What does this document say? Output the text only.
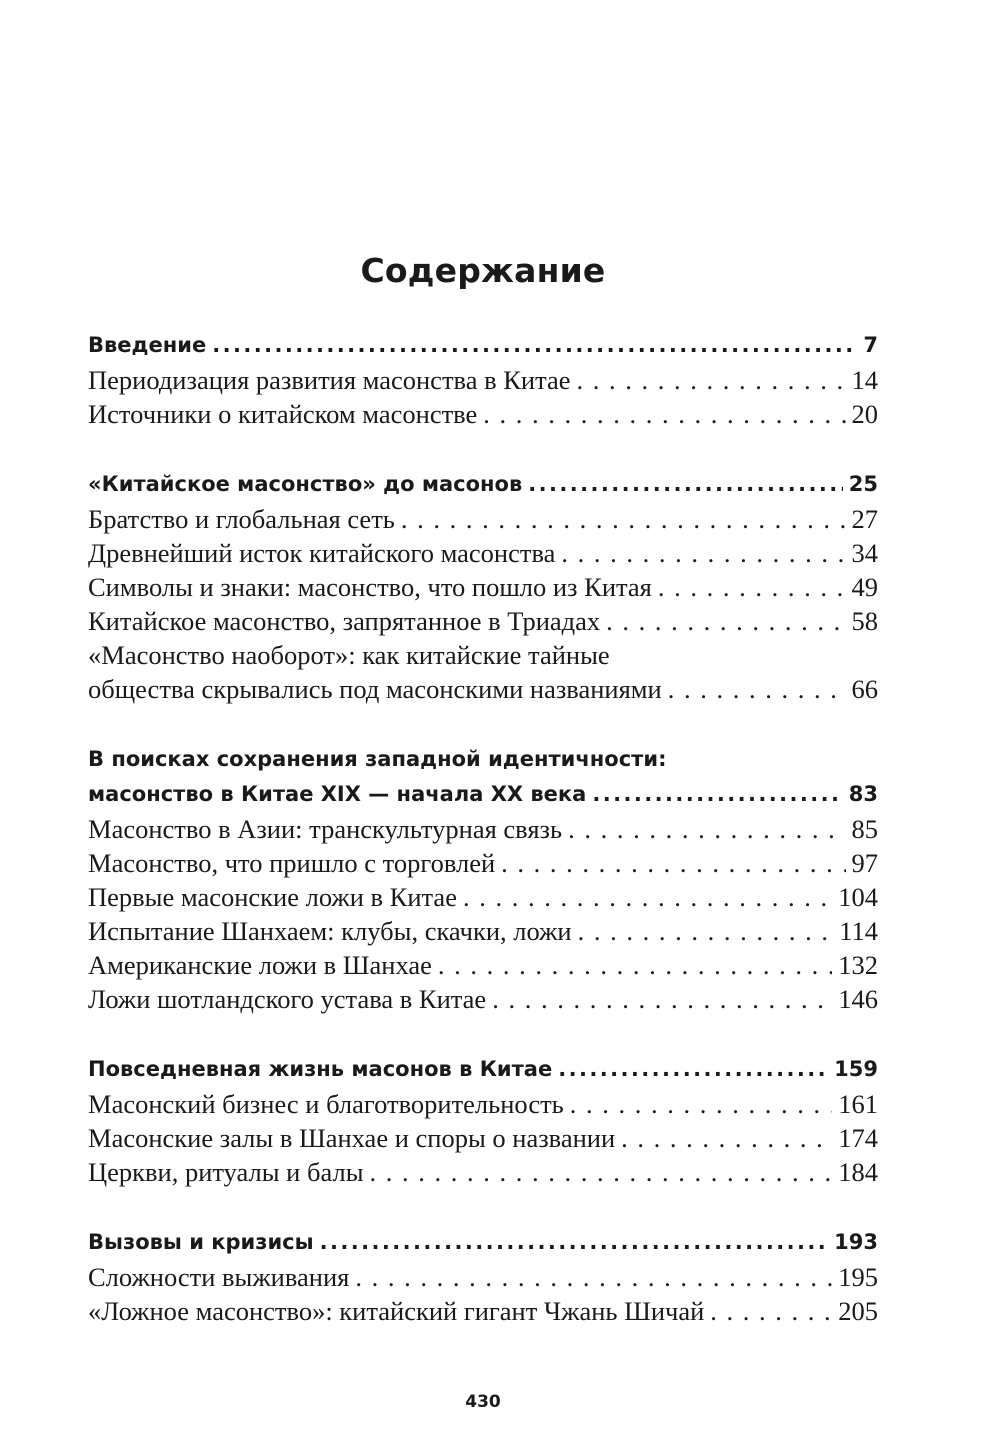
Содержание
Введение .....	7
Периодизация развития масонства в Китае . . .	14
Источники о китайском масонстве . . .	20
«Китайское масонство» до масонов .....	25
Братство и глобальная сеть . . .	27
Древнейший исток китайского масонства . . .	34
Символы и знаки: масонство, что пошло из Китая . . .	49
Китайское масонство, запрятанное в Триадах . . .	58
«Масонство наоборот»: как китайские тайные
общества скрывались под масонскими названиями . . .	66
В поисках сохранения западной идентичности:
масонство в Китае XIX — начала XX века .....	83
Масонство в Азии: транскультурная связь . . .	85
Масонство, что пришло с торговлей . . .	97
Первые масонские ложи в Китае . . .	104
Испытание Шанхаем: клубы, скачки, ложи . . .	114
Американские ложи в Шанхае . . .	132
Ложи шотландского устава в Китае . . .	146
Повседневная жизнь масонов в Китае .....	159
Масонский бизнес и благотворительность . . .	161
Масонские залы в Шанхае и споры о названии . . .	174
Церкви, ритуалы и балы . . .	184
Вызовы и кризисы .....	193
Сложности выживания . . .	195
«Ложное масонство»: китайский гигант Чжань Шичай . . .	205
430
